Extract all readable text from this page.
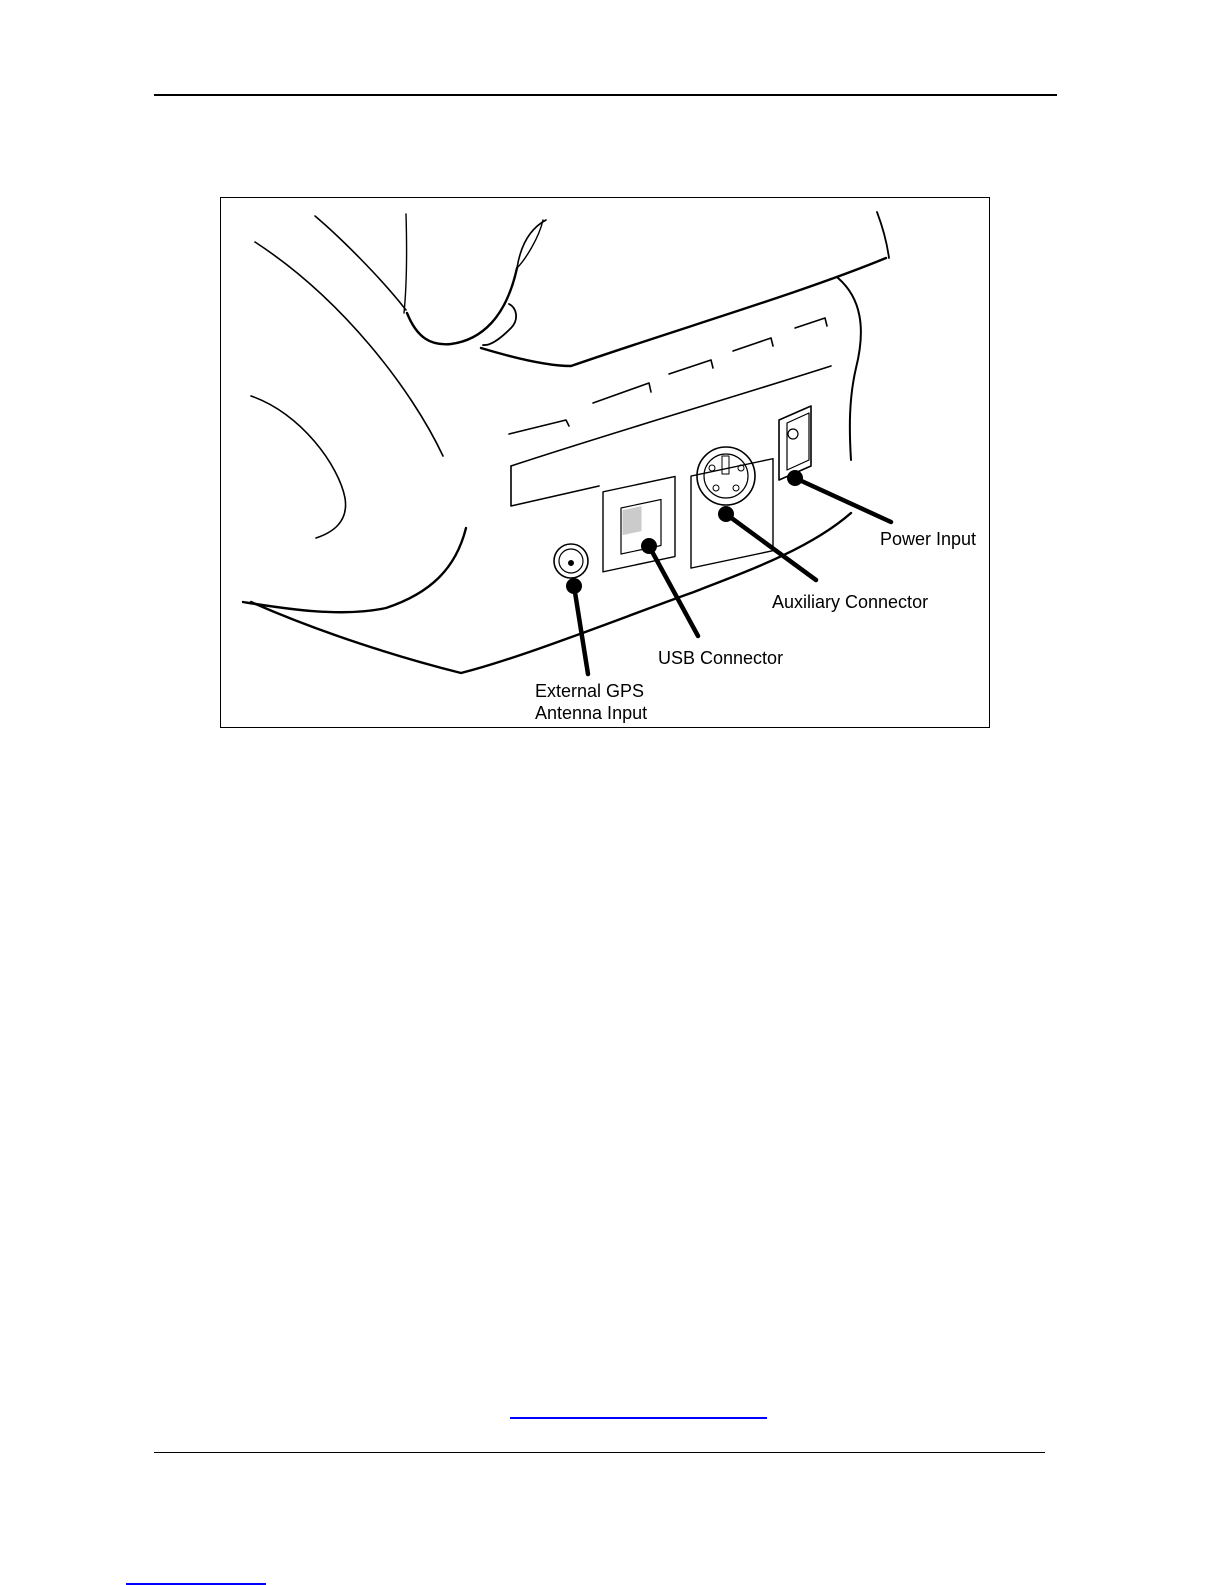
Power Input
Auxiliary Connector
USB Connector
External GPS
Antenna Input
